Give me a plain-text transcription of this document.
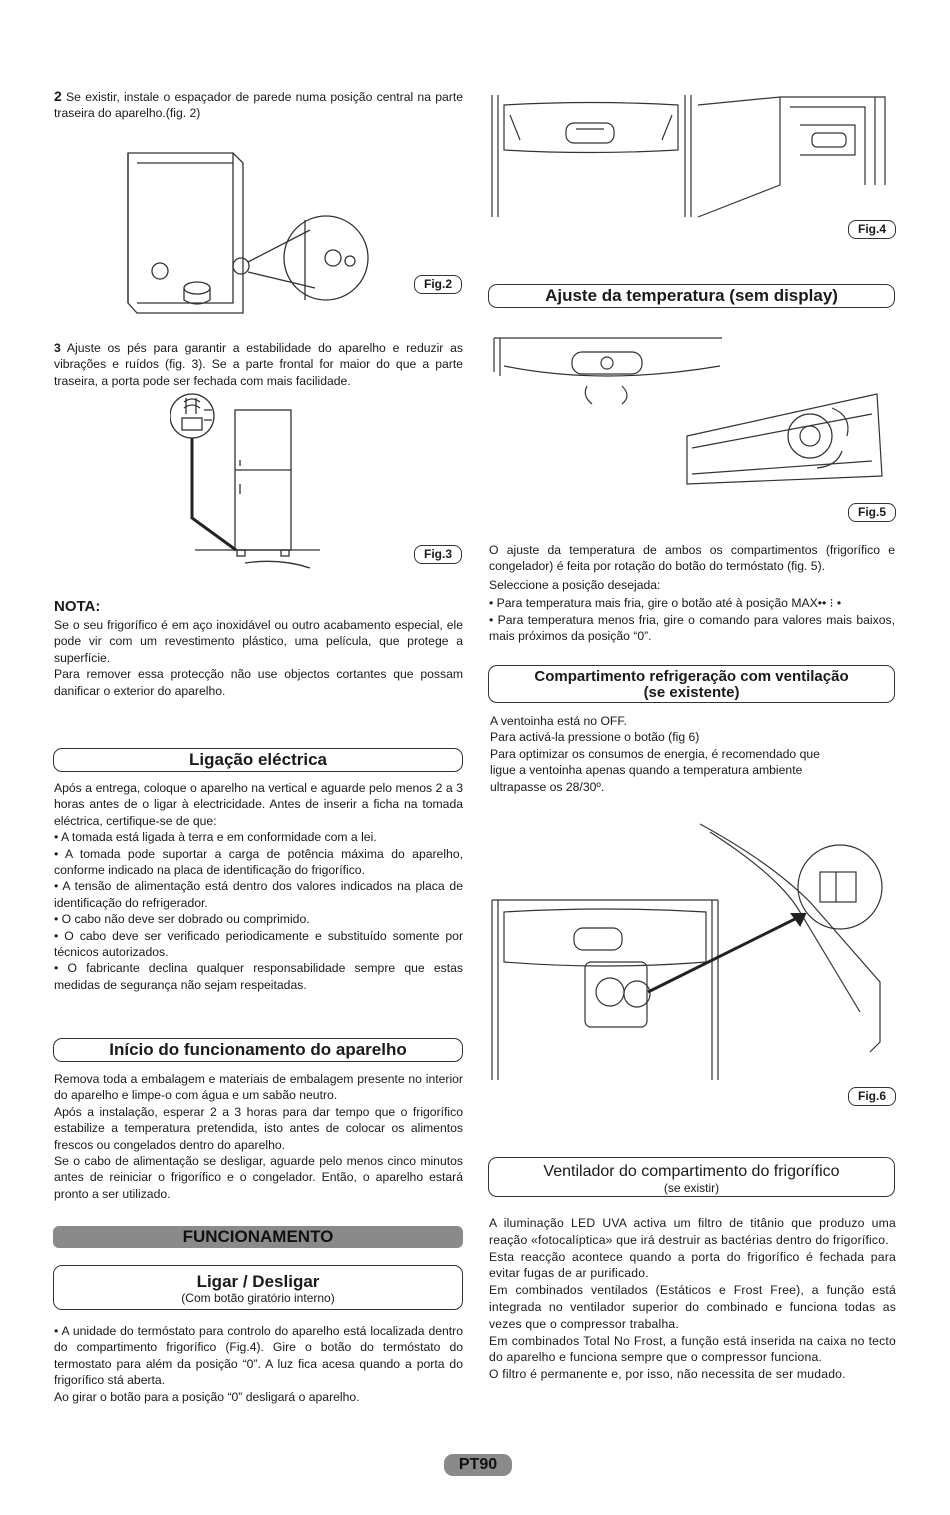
2 Se existir, instale o espaçador de parede numa posição central na parte traseira do aparelho.(fig. 2)

Fig.2

3 Ajuste os pés para garantir a estabilidade do aparelho e reduzir as vibrações e ruídos (fig. 3). Se a parte frontal for maior do que a parte traseira, a porta pode ser fechada com mais facilidade.

Fig.3
NOTA:

Se o seu frigorífico é em aço inoxidável ou outro acabamento especial, ele pode vir com um revestimento plástico, uma película, que protege a superfície.

Para remover essa protecção não use objectos cortantes que possam danificar o exterior do aparelho.

Ligação eléctrica

Após a entrega, coloque o aparelho na vertical e aguarde pelo menos 2 a 3 horas antes de o ligar à electricidade. Antes de inserir a ficha na tomada eléctrica, certifique-se de que:

• A tomada está ligada à terra e em conformidade com a lei.

• A tomada pode suportar a carga de potência máxima do aparelho, conforme indicado na placa de identificação do frigorífico.

• A tensão de alimentação está dentro dos valores indicados na placa de identificação do refrigerador.

• O cabo não deve ser dobrado ou comprimido.

• O cabo deve ser verificado periodicamente e substituído somente por técnicos autorizados.

• O fabricante declina qualquer responsabilidade sempre que estas medidas de segurança não sejam respeitadas.

Início do funcionamento do aparelho

Remova toda a embalagem e materiais de embalagem presente no interior do aparelho e limpe-o com água e um sabão neutro.

Após a instalação, esperar 2 a 3 horas para dar tempo que o frigorífico estabilize a temperatura pretendida, isto antes de colocar os alimentos frescos ou congelados dentro do aparelho.

Se o cabo de alimentação se desligar, aguarde pelo menos cinco minutos antes de reiniciar o frigorífico e o congelador. Então, o aparelho estará pronto a ser utilizado.

FUNCIONAMENTO
Ligar / Desligar
(Com botão giratório interno)

• A unidade do termóstato para controlo do aparelho está localizada dentro do compartimento frigorífico (Fig.4). Gire o botão do termóstato do termostato para além da posição “0”. A luz fica acesa quando a porta do frigorífico stá aberta.

Ao girar o botão para a posição “0” desligará o aparelho.

Fig.4
Ajuste da temperatura (sem display)
Fig.5

O ajuste da temperatura de ambos os compartimentos (frigorífico e congelador) é feita por rotação do botão do termóstato (fig. 5).

Seleccione a posição desejada:

• Para temperatura mais fria, gire o botão até à posição MAX•• ⁝ •

• Para temperatura menos fria, gire o comando para valores mais baixos, mais próximos da posição “0”.

Compartimento refrigeração com ventilação
(se existente)

A ventoinha está no OFF.

Para activá-la pressione o botão (fig 6)

Para optimizar os consumos de energia, é recomendado que

ligue a ventoinha apenas quando a temperatura ambiente

ultrapasse os 28/30º.

Fig.6
Ventilador do compartimento do frigorífico
(se existir)

A iluminação LED UVA activa um filtro de titânio que produzo uma reação «fotocalíptica» que irá destruir as bactérias dentro do frigorífico.

Esta reacção acontece quando a porta do frigorífico é fechada para evitar fugas de ar purificado.

Em combinados ventilados (Estáticos e Frost Free), a função está integrada no ventilador superior do combinado e funciona todas as vezes que o compressor trabalha.

Em combinados Total No Frost, a função está inserida na caixa no tecto do aparelho e funciona sempre que o compressor funciona.

O filtro é permanente e, por isso, não necessita de ser mudado.

PT90
